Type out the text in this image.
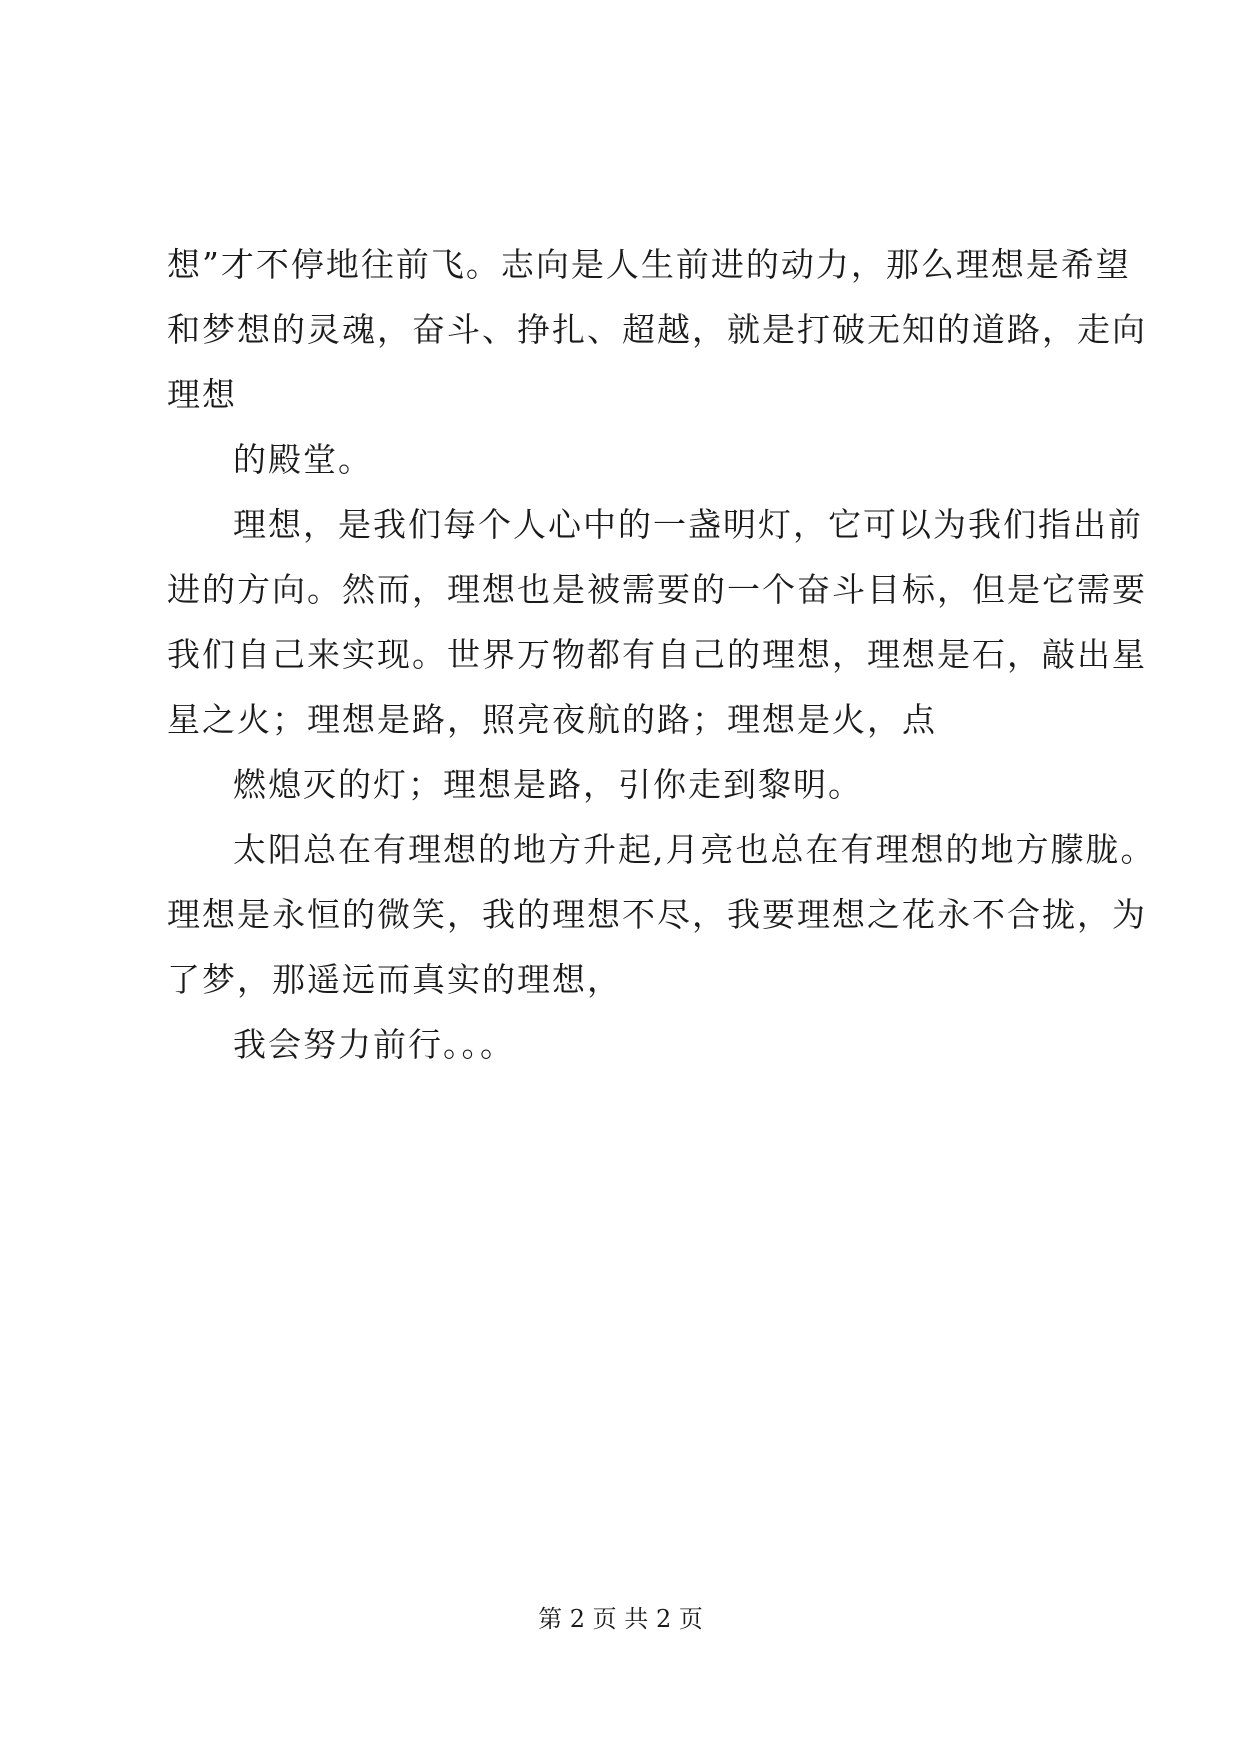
想”才不停地往前飞。志向是人生前进的动力，那么理想是希望
和梦想的灵魂，奋斗、挣扎、超越，就是打破无知的道路，走向
理想
的殿堂。
理想，是我们每个人心中的一盏明灯，它可以为我们指出前
进的方向。然而，理想也是被需要的一个奋斗目标，但是它需要
我们自己来实现。世界万物都有自己的理想，理想是石，敲出星
星之火；理想是路，照亮夜航的路；理想是火，点
燃熄灭的灯；理想是路，引你走到黎明。
太阳总在有理想的地方升起,月亮也总在有理想的地方朦胧。
理想是永恒的微笑，我的理想不尽，我要理想之花永不合拢，为
了梦，那遥远而真实的理想，
我会努力前行。。。
第 2 页 共 2 页
